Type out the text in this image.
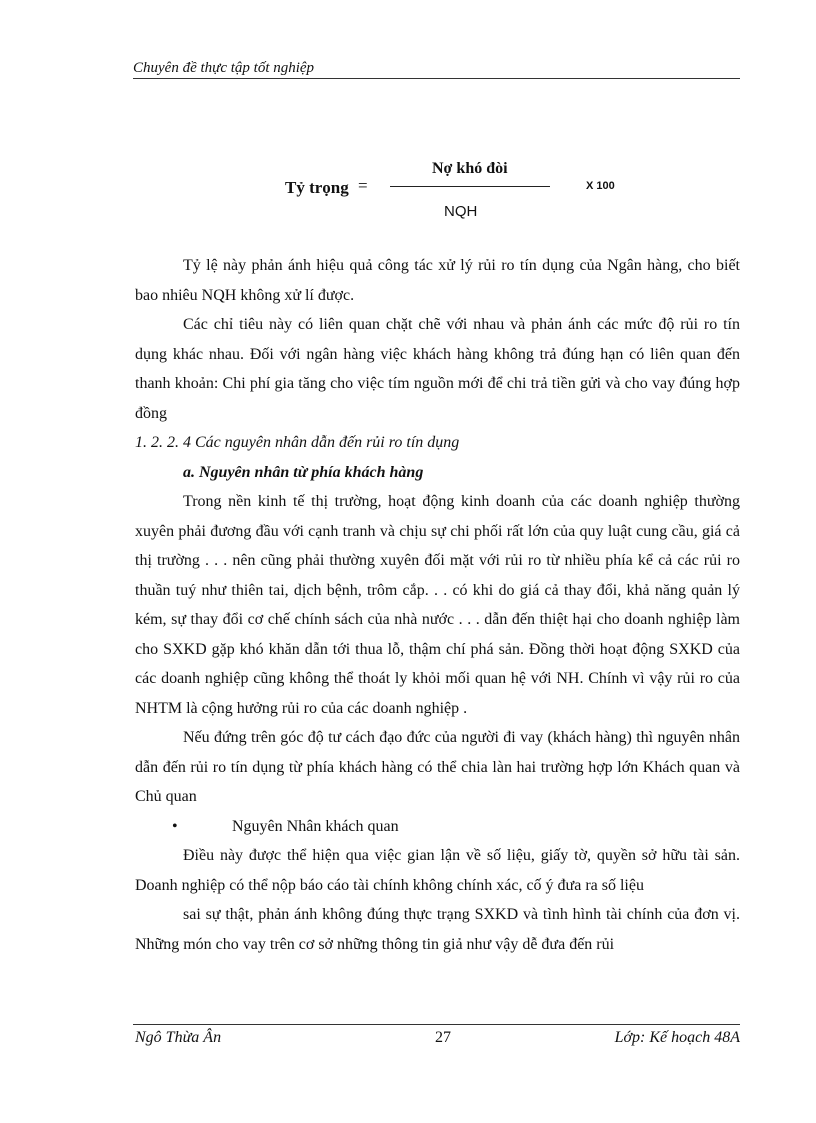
Chuyên đề thực tập tốt nghiệp
Tỷ trọng =
Nợ khó đòi
NQH
X 100

Tỷ lệ này phản ánh hiệu quả công tác xử lý rủi ro tín dụng của Ngân hàng, cho biết bao nhiêu NQH không xử lí được.

Các chỉ tiêu này có liên quan chặt chẽ với nhau và phản ánh các mức độ rủi ro tín dụng khác nhau. Đối với ngân hàng việc khách hàng không trả đúng hạn có liên quan đến thanh khoản: Chi phí gia tăng cho việc tím nguồn mới để chi trả tiền gửi và cho vay đúng hợp đồng

1. 2. 2. 4 Các nguyên nhân dẫn đến rủi ro tín dụng

a. Nguyên nhân từ phía khách hàng

Trong nền kinh tế thị trường, hoạt động kinh doanh của các doanh nghiệp thường xuyên phải đương đầu với cạnh tranh và chịu sự chi phối rất lớn của quy luật cung cầu, giá cả thị trường . . . nên cũng phải thường xuyên đối mặt với rủi ro từ nhiều phía kể cả các rủi ro thuần tuý như thiên tai, dịch bệnh, trôm cắp. . . có khi do giá cả thay đổi, khả năng quản lý kém, sự thay đổi cơ chế chính sách của nhà nước . . . dẫn đến thiệt hại cho doanh nghiệp làm cho SXKD gặp khó khăn dẫn tới thua lỗ, thậm chí phá sản. Đồng thời hoạt động SXKD của các doanh nghiệp cũng không thể thoát ly khỏi mối quan hệ với NH. Chính vì vậy rủi ro của NHTM là cộng hưởng rủi ro của các doanh nghiệp .

Nếu đứng trên góc độ tư cách đạo đức của người đi vay (khách hàng) thì nguyên nhân dẫn đến rủi ro tín dụng từ phía khách hàng có thể chia làn hai trường hợp lớn Khách quan và Chủ quan

•	Nguyên Nhân khách quan

Điều này được thể hiện qua việc gian lận về số liệu, giấy tờ, quyền sở hữu tài sản. Doanh nghiệp có thể nộp báo cáo tài chính không chính xác, cố ý đưa ra số liệu

sai sự thật, phản ánh không đúng thực trạng SXKD và tình hình tài chính của đơn vị. Những món cho vay trên cơ sở những thông tin giả như vậy dễ đưa đến rủi

Ngô Thừa Ân	27	Lớp: Kế hoạch 48A
